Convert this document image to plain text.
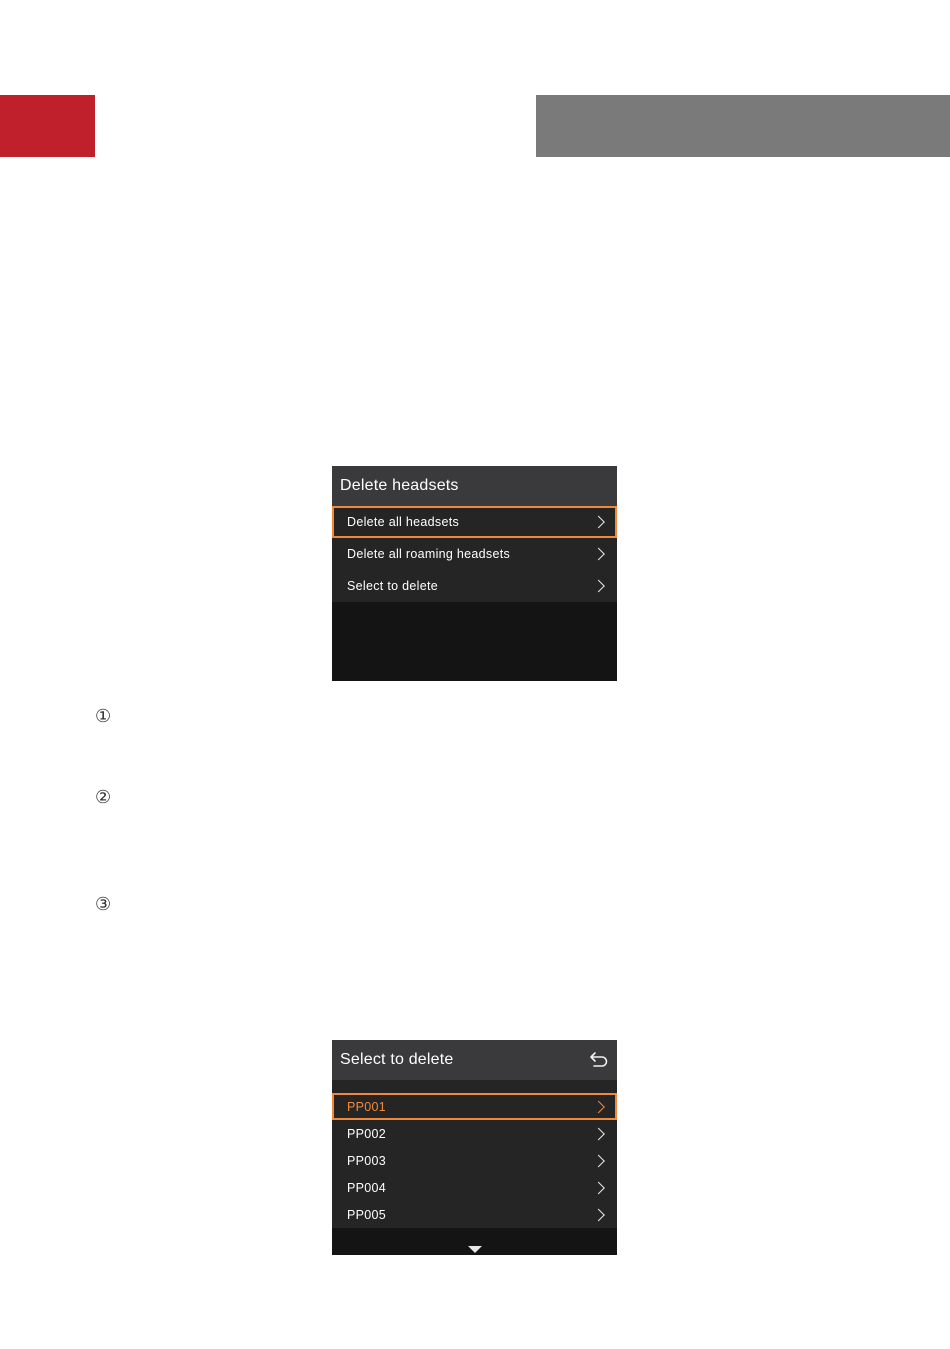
Delete headsets
Delete all headsets
Delete all roaming headsets
Select to delete
①
②
③
Select to delete
PP001
PP002
PP003
PP004
PP005
